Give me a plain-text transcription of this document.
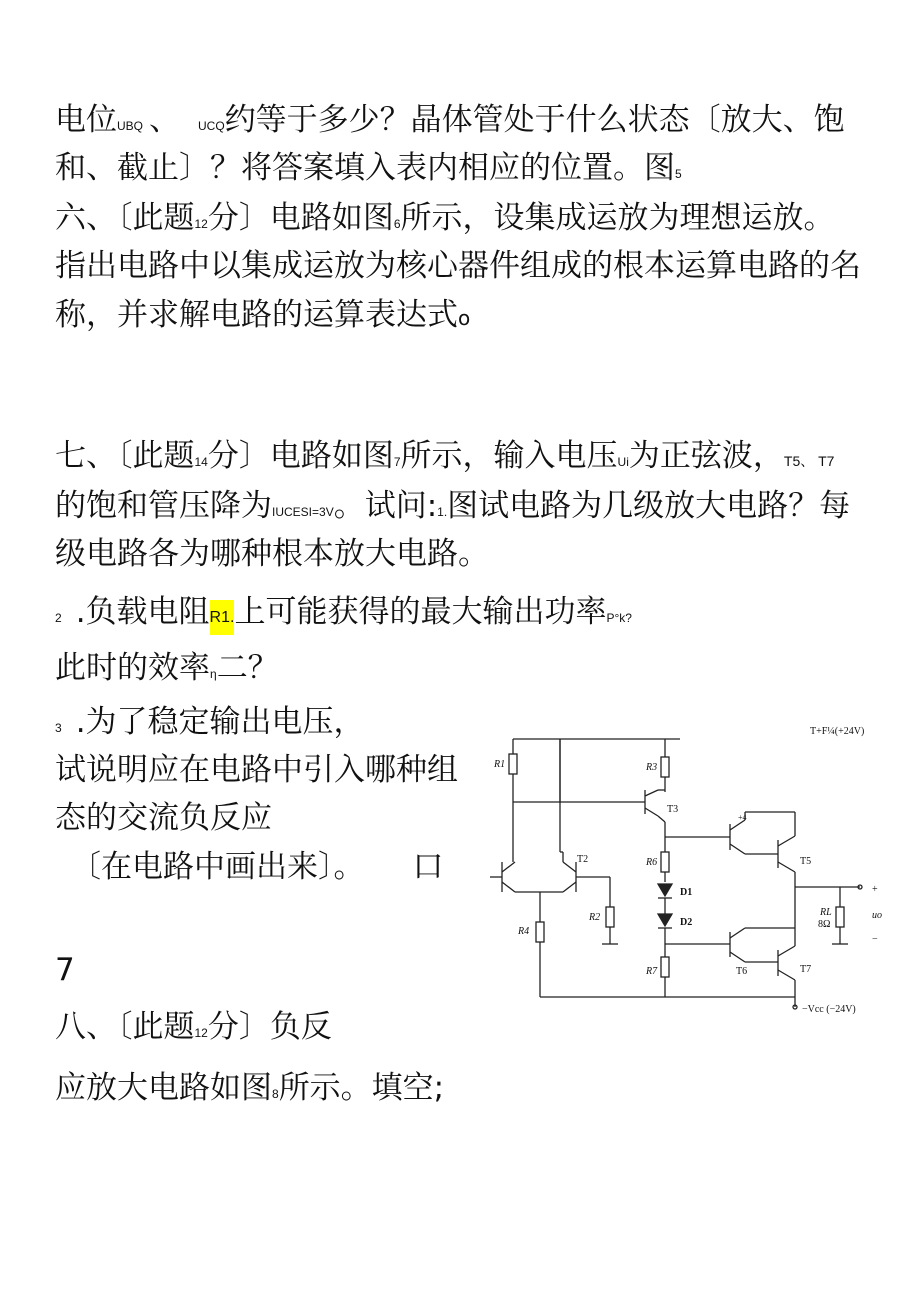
电位UBQ 、 UCQ约等于多少？晶体管处于什么状态〔放大、饱
和、截止〕？将答案填入表内相应的位置。图5
六、〔此题12分〕电路如图6所示，设集成运放为理想运放。
指出电路中以集成运放为核心器件组成的根本运算电路的名
称，并求解电路的运算表达式o
七、〔此题14分〕电路如图7所示，输入电压Ui为正弦波，T5、 T7
的饱和管压降为IUCESI=3V。试问:1.图试电路为几级放大电路？每
级电路各为哪种根本放大电路。
2 .负载电阻R1.上可能获得的最大输出功率P°k?
此时的效率η二？
3 .为了稳定输出电压，
试说明应在电路中引入哪种组
态的交流负反应
〔在电路中画出来〕。 口
7
八、〔此题12分〕负反
应放大电路如图8所示。填空;
T+F¼(+24V)
−Vcc (−24V)
R1
R2
R3
R4
R6
R7
T2
T3
+4
T5
T6	T7
D1
D2
RL
8Ω
uo
+
−
